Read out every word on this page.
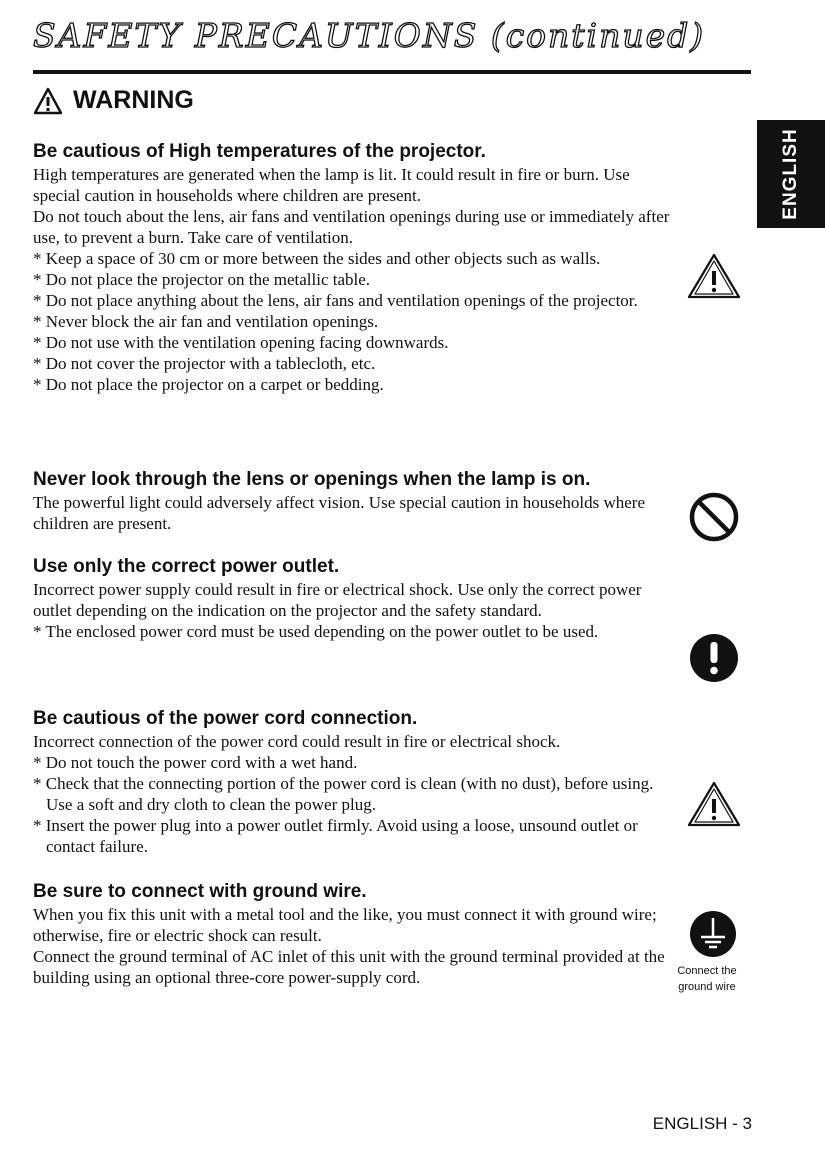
SAFETY PRECAUTIONS (continued)
WARNING
ENGLISH
Be cautious of High temperatures of the projector.

High temperatures are generated when the lamp is lit. It could result in fire or burn. Use special caution in households where children are present.

Do not touch about the lens, air fans and ventilation openings during use or immediately after use, to prevent a burn. Take care of ventilation.

* Keep a space of 30 cm or more between the sides and other objects such as walls.

* Do not place the projector on the metallic table.

* Do not place anything about the lens, air fans and ventilation openings of the projector.

* Never block the air fan and ventilation openings.

* Do not use with the ventilation opening facing downwards.

* Do not cover the projector with a tablecloth, etc.

* Do not place the projector on a carpet or bedding.

Never look through the lens or openings when the lamp is on.

The powerful light could adversely affect vision. Use special caution in households where children are present.

Use only the correct power outlet.

Incorrect power supply could result in fire or electrical shock. Use only the correct power outlet depending on the indication on the projector and the safety standard.

* The enclosed power cord must be used depending on the power outlet to be used.

Be cautious of the power cord connection.

Incorrect connection of the power cord could result in fire or electrical shock.

* Do not touch the power cord with a wet hand.

* Check that the connecting portion of the power cord is clean (with no dust), before using. Use a soft and dry cloth to clean the power plug.

* Insert the power plug into a power outlet firmly. Avoid using a loose, unsound outlet or contact failure.

Be sure to connect with ground wire.

When you fix this unit with a metal tool and the like, you must connect it with ground wire; otherwise, fire or electric shock can result.

Connect the ground terminal of AC inlet of this unit with the ground terminal provided at the building using an optional three-core power-supply cord.	Connect the ground wire
ENGLISH - 3
